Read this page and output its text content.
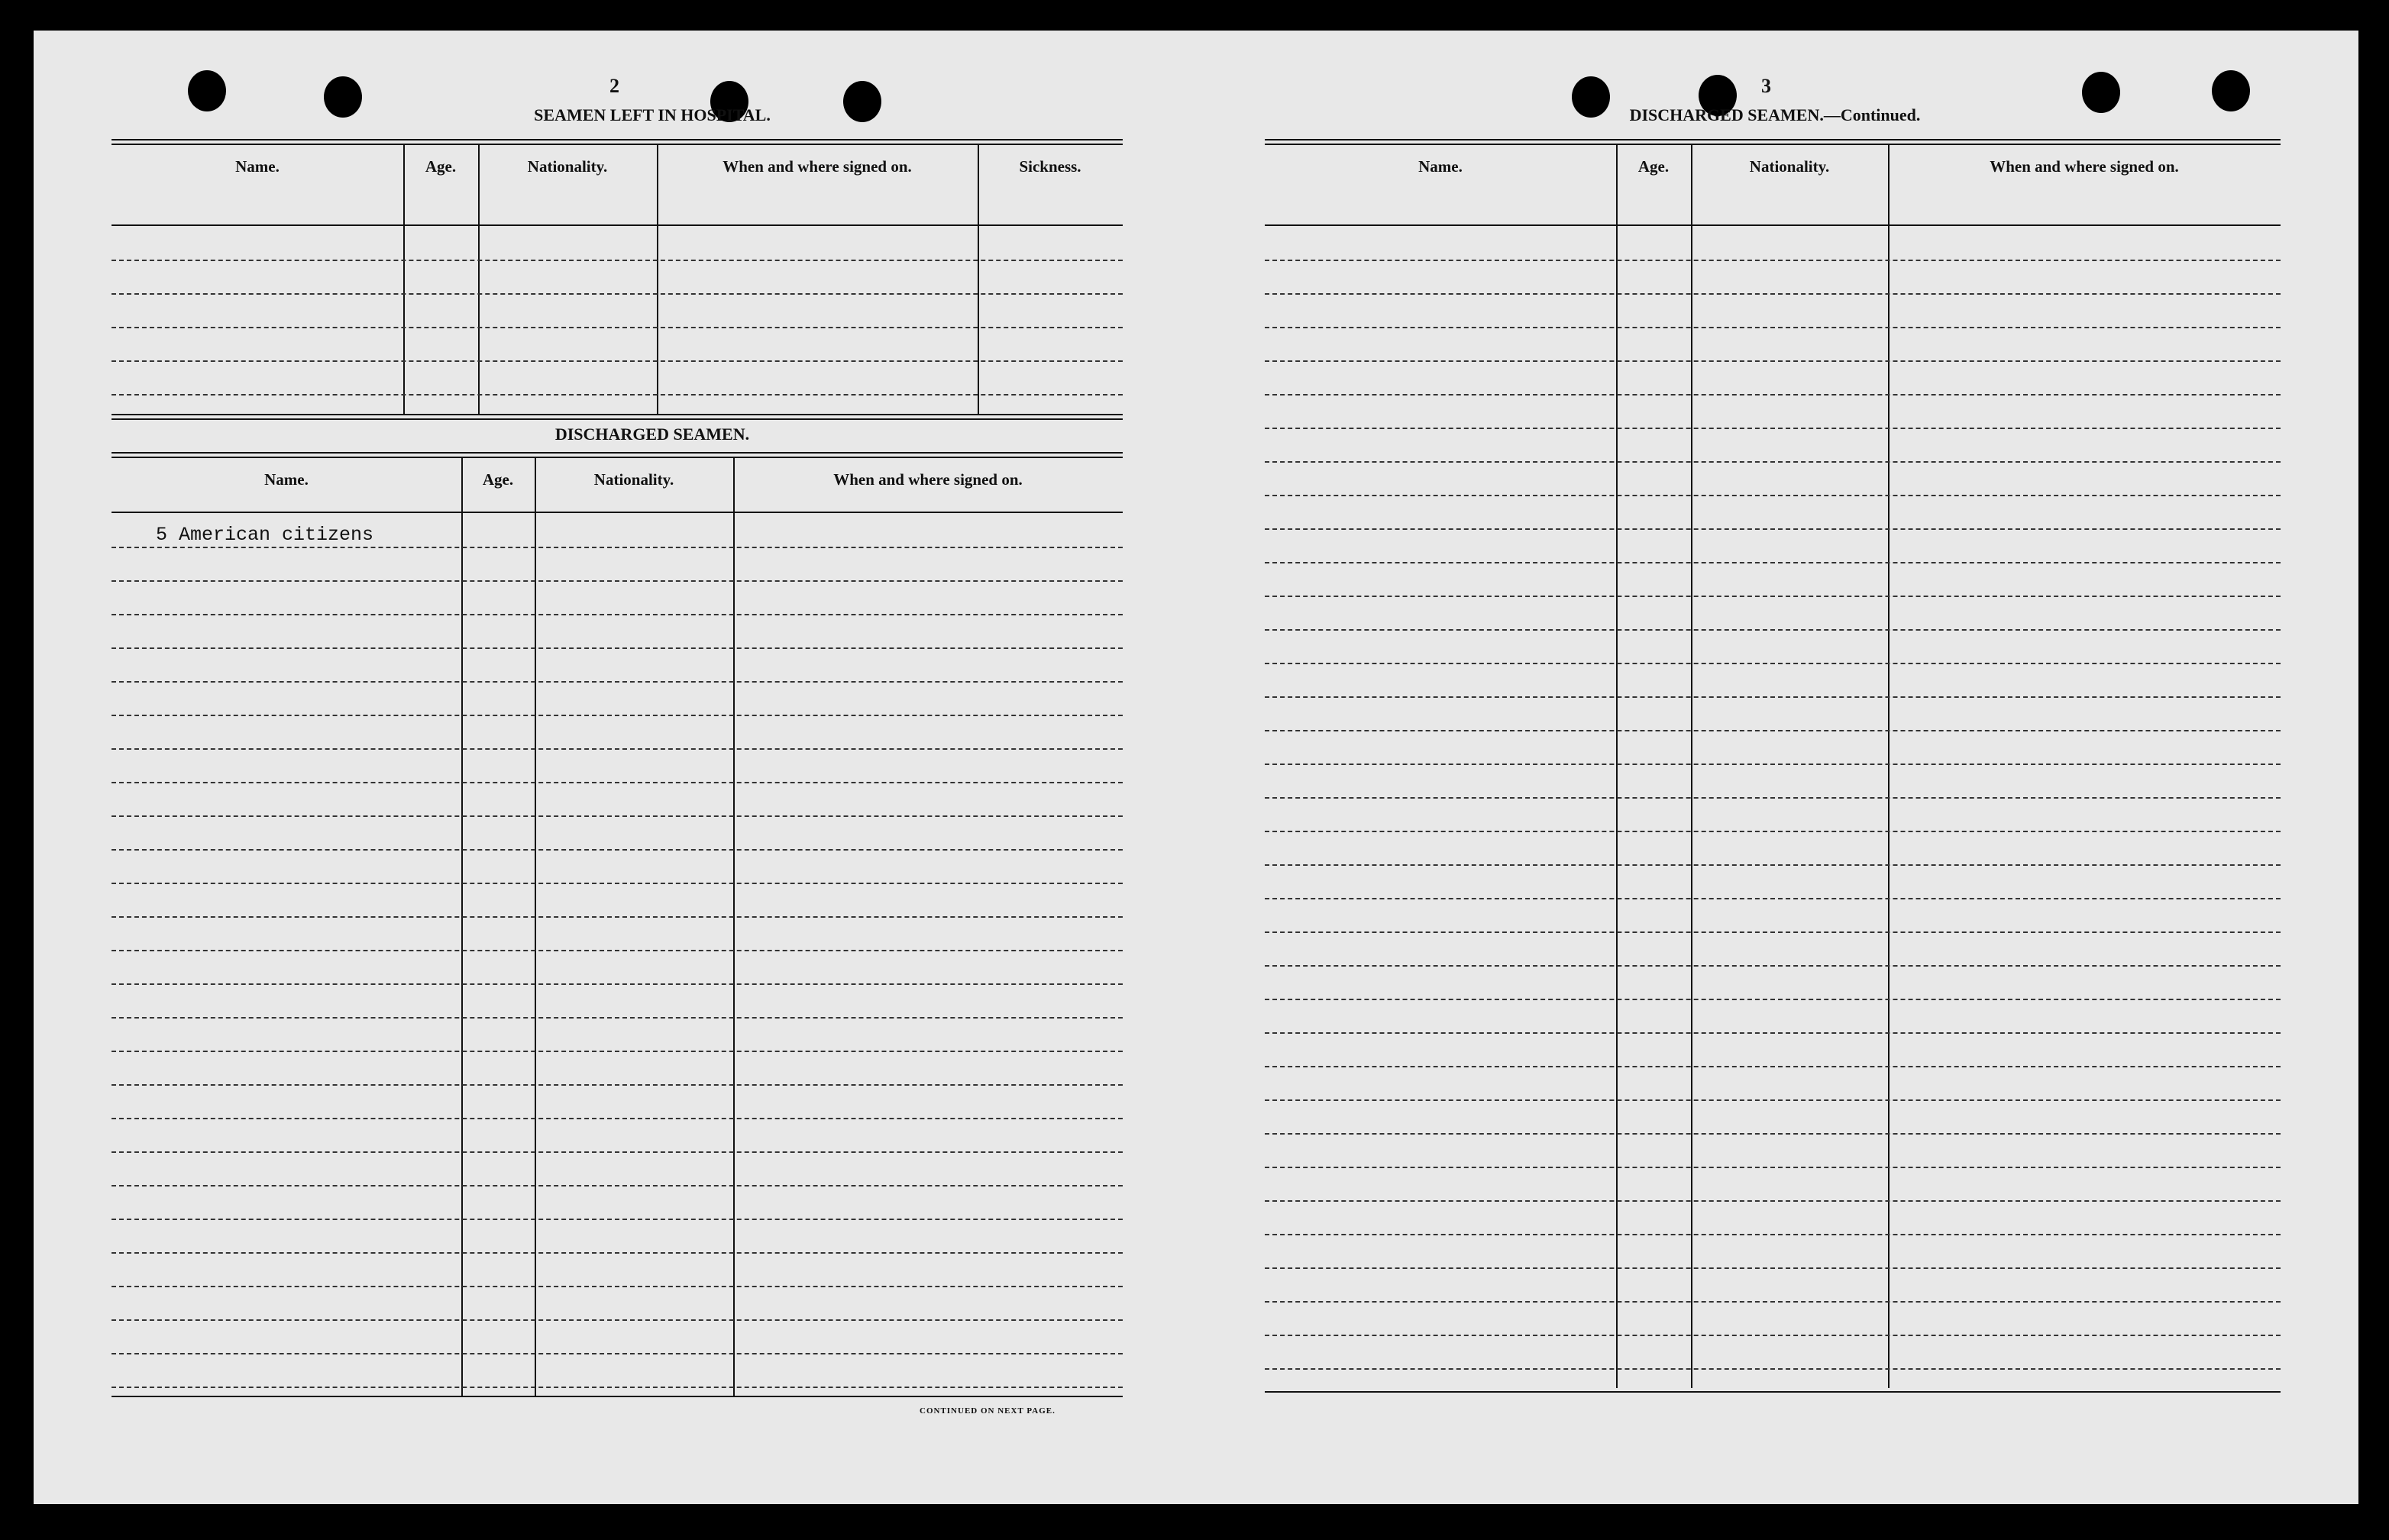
2
SEAMEN LEFT IN HOSPITAL.
Name.	Age.	Nationality.	When and where signed on.	Sickness.
DISCHARGED SEAMEN.
Name.	Age.	Nationality.	When and where signed on.
5 American citizens
CONTINUED ON NEXT PAGE.
3
DISCHARGED SEAMEN.—Continued.
Name.	Age.	Nationality.	When and where signed on.
